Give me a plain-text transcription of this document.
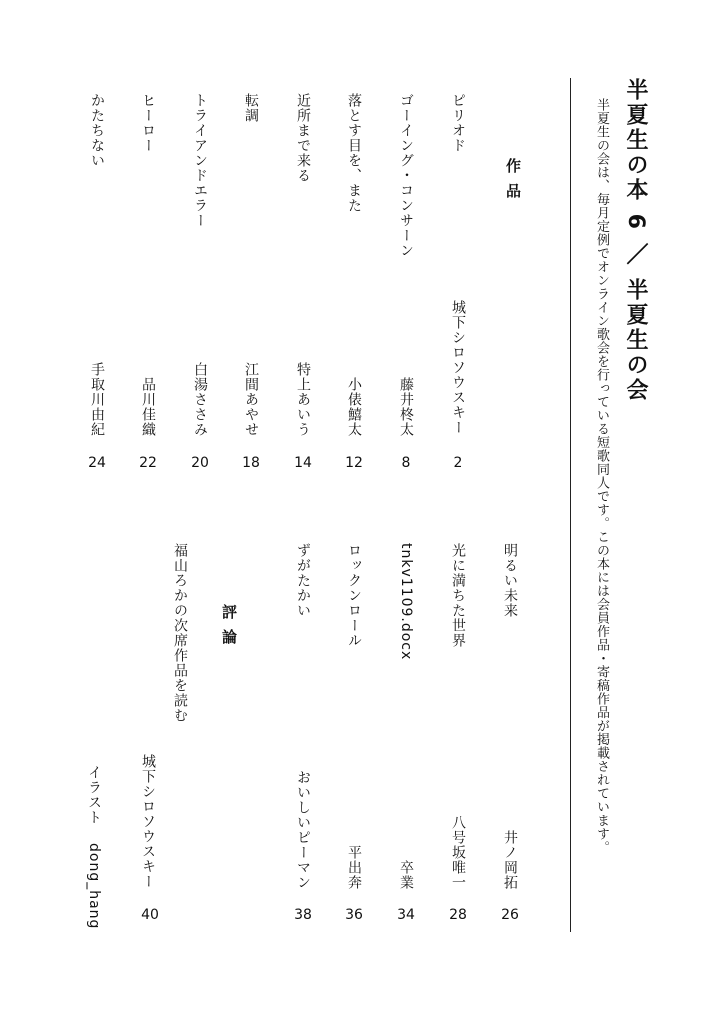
半夏生の本 6 ／ 半夏生の会
半夏生の会は、毎月定例でオンライン歌会を行っている短歌同人です。この本には会員作品・寄稿作品が掲載されています。
作品
評論
ピリオド
城下シロソウスキー
2
ゴーイング・コンサーン
藤井柊太
8
落とす目を、また
小俵鱚太
12
近所まで来る
特上あいう
14
転調
江間あやせ
18
トライアンドエラー
白湯ささみ
20
ヒーロー
品川佳織
22
かたちない
手取川由紀
24
明るい未来
井ノ岡拓
26
光に満ちた世界
八号坂唯一
28
tnkv1109.docx
卒業
34
ロックンロール
平出奔
36
ずがたかい
おいしいピーマン
38
福山ろかの次席作品を読む
城下シロソウスキー
40
イラスト
dong_hang
